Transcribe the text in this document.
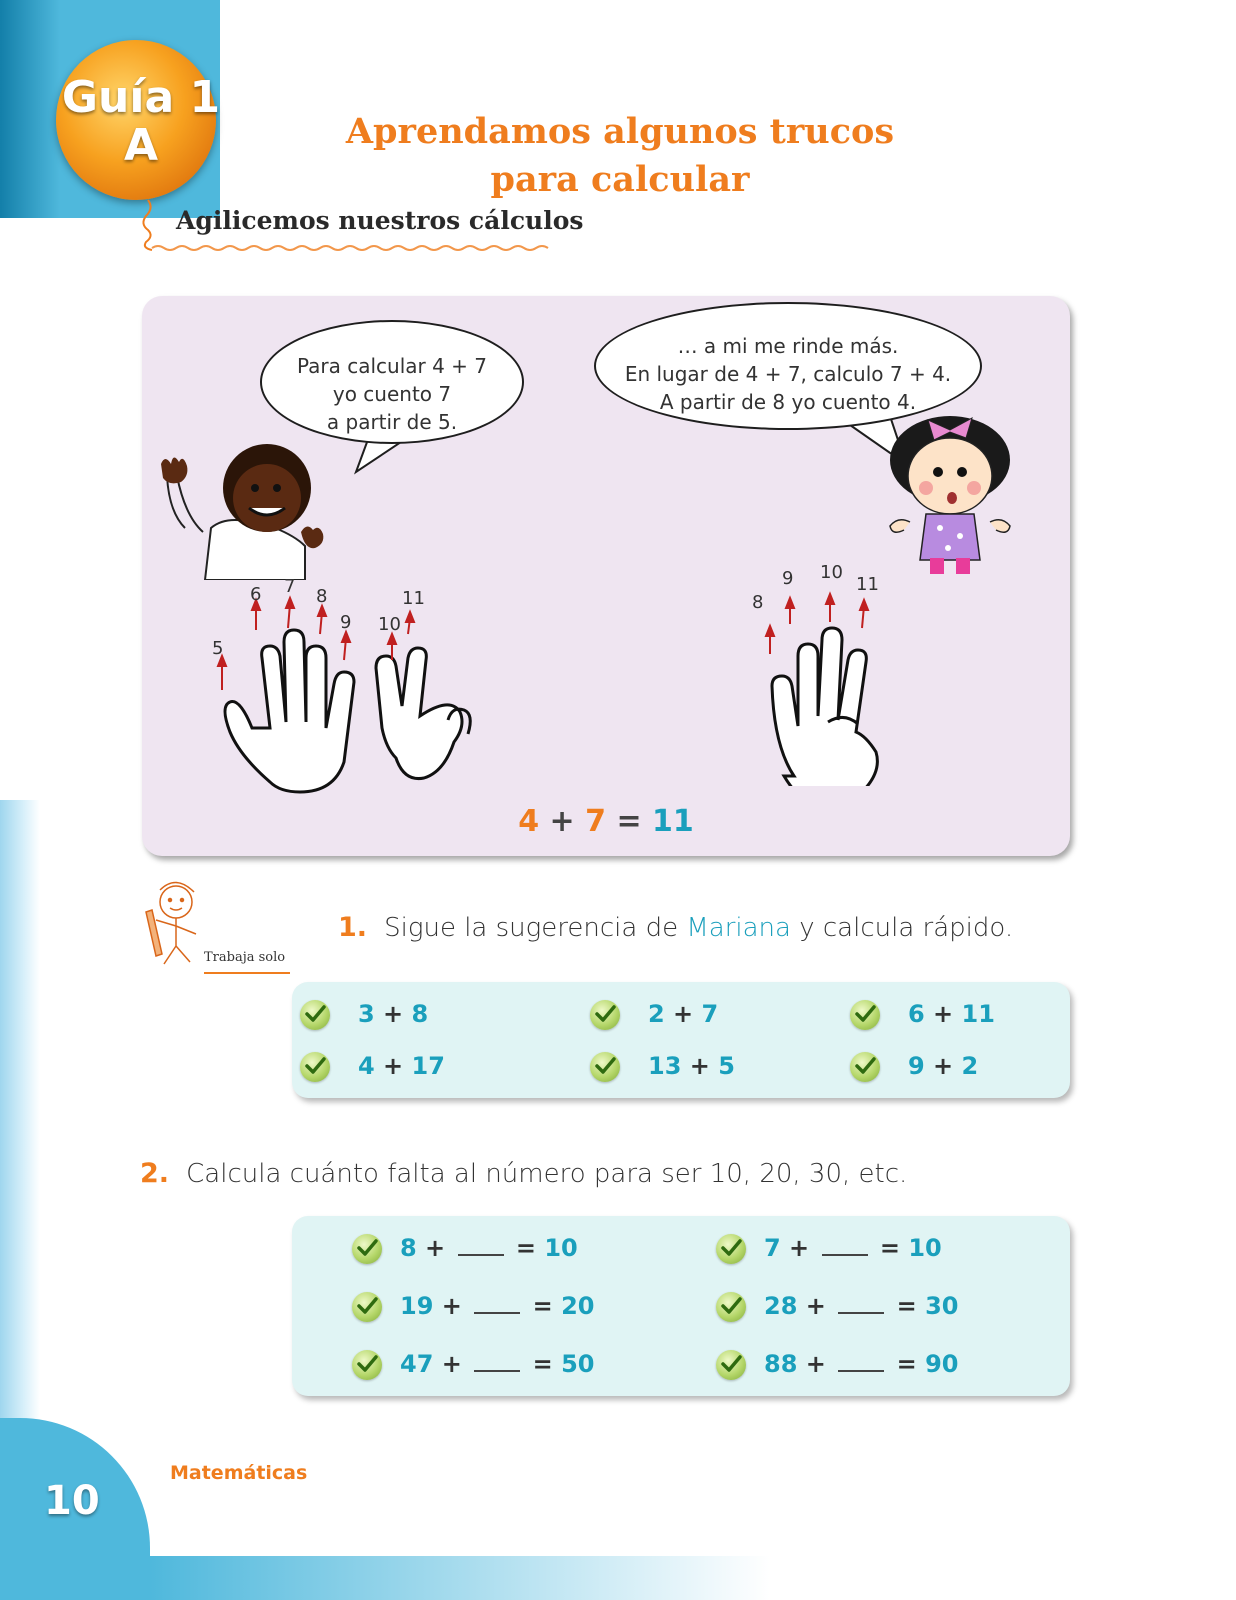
Guía 1
A	Aprendamos algunos trucos
para calcular
Agilicemos nuestros cálculos
Para calcular 4 + 7
yo cuento 7
a partir de 5.
… a mi me rinde más.
En lugar de 4 + 7, calculo 7 + 4.
A partir de 8 yo cuento 4.
5
6 7 8
9 10
11	8
9 10
11
4 + 7 = 11
Trabaja solo
1. Sigue la sugerencia de Mariana y calcula rápido.
3 + 8	2 + 7	6 + 11
4 + 17	13 + 5	9 + 2
2. Calcula cuánto falta al número para ser 10, 20, 30, etc.
8 +  = 10	7 +  = 10
19 +  = 20	28 +  = 30
47 +  = 50	88 +  = 90
Matemáticas
10
